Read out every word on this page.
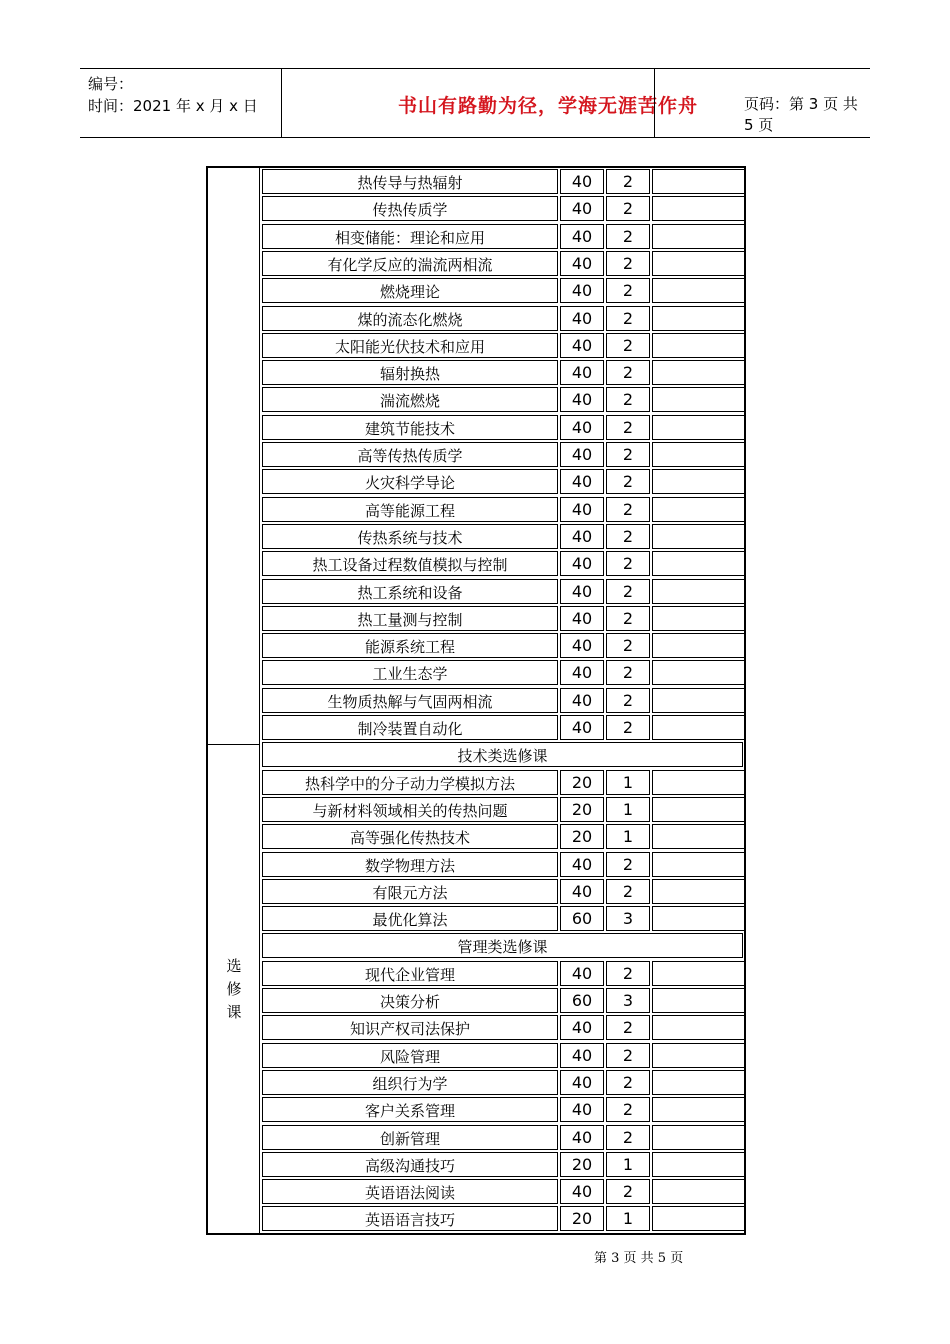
编号：
时间：2021 年 x 月 x 日	书山有路勤为径，学海无涯苦作舟	页码：第 3 页 共 5 页
选
修
课
热传导与热辐射	40	2
传热传质学	40	2
相变储能：理论和应用	40	2
有化学反应的湍流两相流	40	2
燃烧理论	40	2
煤的流态化燃烧	40	2
太阳能光伏技术和应用	40	2
辐射换热	40	2
湍流燃烧	40	2
建筑节能技术	40	2
高等传热传质学	40	2
火灾科学导论	40	2
高等能源工程	40	2
传热系统与技术	40	2
热工设备过程数值模拟与控制	40	2
热工系统和设备	40	2
热工量测与控制	40	2
能源系统工程	40	2
工业生态学	40	2
生物质热解与气固两相流	40	2
制冷装置自动化	40	2
技术类选修课
热科学中的分子动力学模拟方法	20	1
与新材料领域相关的传热问题	20	1
高等强化传热技术	20	1
数学物理方法	40	2
有限元方法	40	2
最优化算法	60	3
管理类选修课
现代企业管理	40	2
决策分析	60	3
知识产权司法保护	40	2
风险管理	40	2
组织行为学	40	2
客户关系管理	40	2
创新管理	40	2
高级沟通技巧	20	1
英语语法阅读	40	2
英语语言技巧	20	1
第 3 页 共 5 页
